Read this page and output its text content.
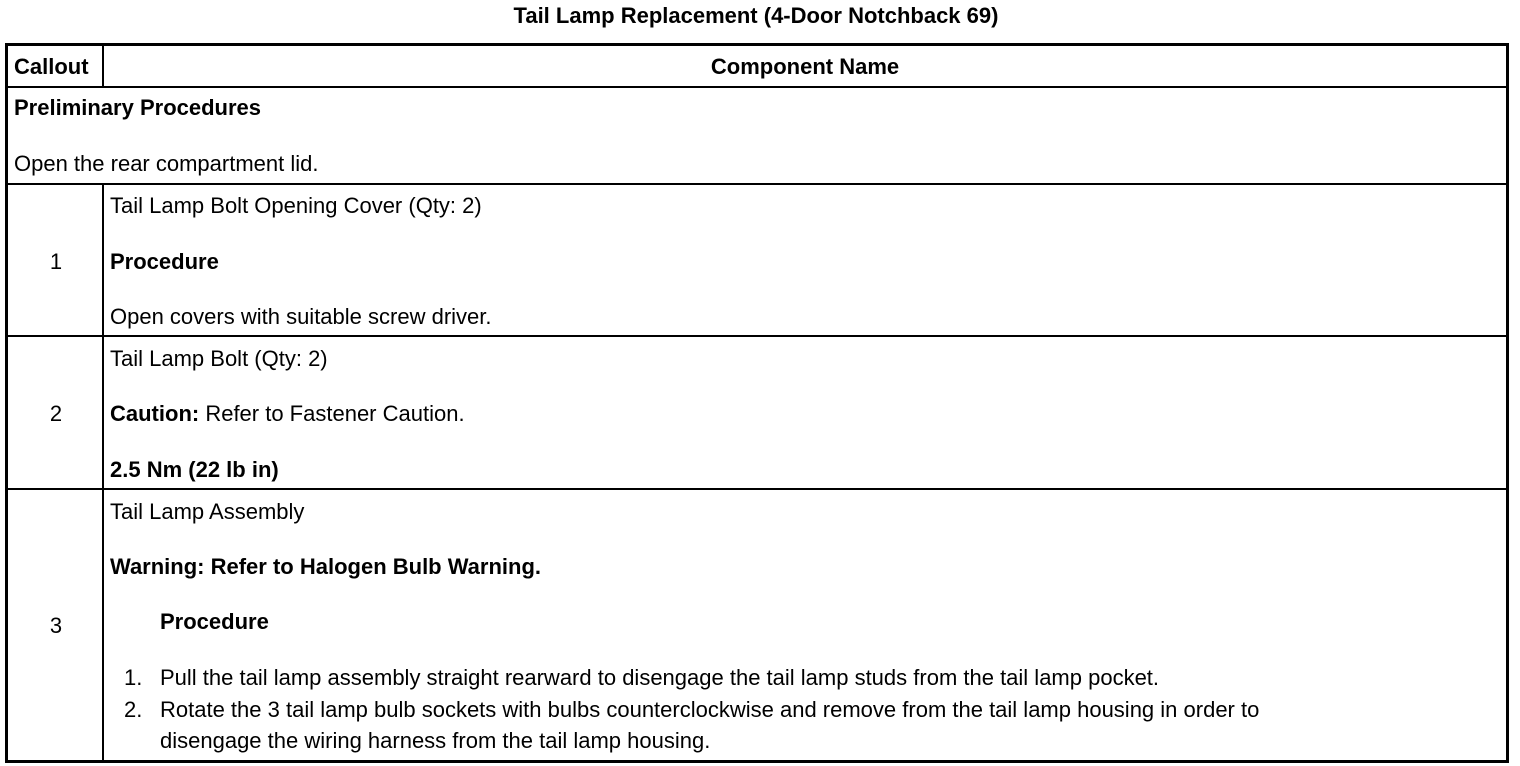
Tail Lamp Replacement (4-Door Notchback 69)
Callout	Component Name
Preliminary Procedures
Open the rear compartment lid.
1
Tail Lamp Bolt Opening Cover (Qty: 2)
Procedure
Open covers with suitable screw driver.
2
Tail Lamp Bolt (Qty: 2)
Caution: Refer to Fastener Caution.
2.5 Nm (22 lb in)
3
Tail Lamp Assembly
Warning: Refer to Halogen Bulb Warning.
Procedure
1. Pull the tail lamp assembly straight rearward to disengage the tail lamp studs from the tail lamp pocket.
2. Rotate the 3 tail lamp bulb sockets with bulbs counterclockwise and remove from the tail lamp housing in order to
disengage the wiring harness from the tail lamp housing.
